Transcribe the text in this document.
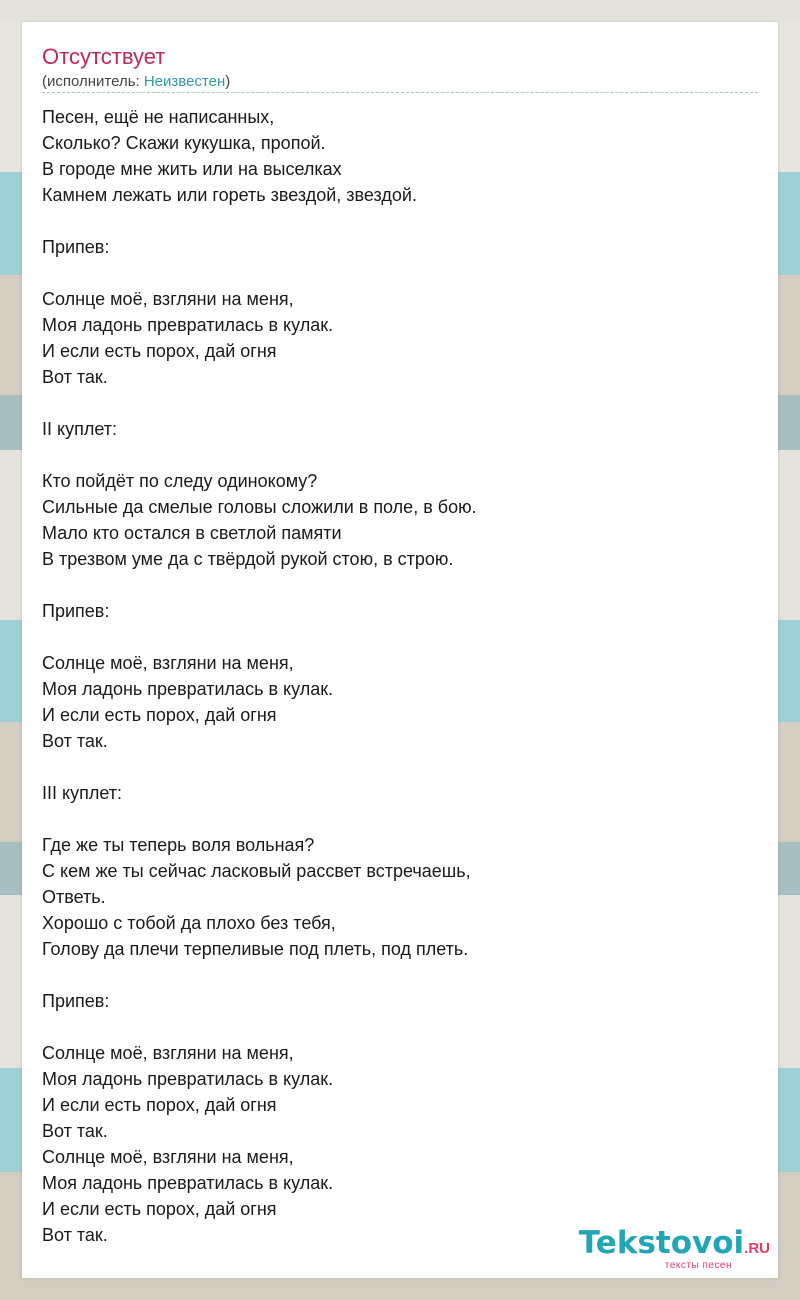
Отсутствует
(исполнитель: Неизвестен)
Песен, ещё не написанных,
Сколько? Скажи кукушка, пропой.
В городе мне жить или на выселках
Камнем лежать или гореть звездой, звездой.
Припев:
Солнце моё, взгляни на меня,
Моя ладонь превратилась в кулак.
И если есть порох, дай огня
Вот так.
II куплет:
Кто пойдёт по следу одинокому?
Сильные да смелые головы сложили в поле, в бою.
Мало кто остался в светлой памяти
В трезвом уме да с твёрдой рукой стою, в строю.
Припев:
Солнце моё, взгляни на меня,
Моя ладонь превратилась в кулак.
И если есть порох, дай огня
Вот так.
III куплет:
Где же ты теперь воля вольная?
С кем же ты сейчас ласковый рассвет встречаешь,
Ответь.
Хорошо с тобой да плохо без тебя,
Голову да плечи терпеливые под плеть, под плеть.
Припев:
Солнце моё, взгляни на меня,
Моя ладонь превратилась в кулак.
И если есть порох, дай огня
Вот так.
Солнце моё, взгляни на меня,
Моя ладонь превратилась в кулак.
И если есть порох, дай огня
Вот так.	Tekstovoi.RU
тексты песен
